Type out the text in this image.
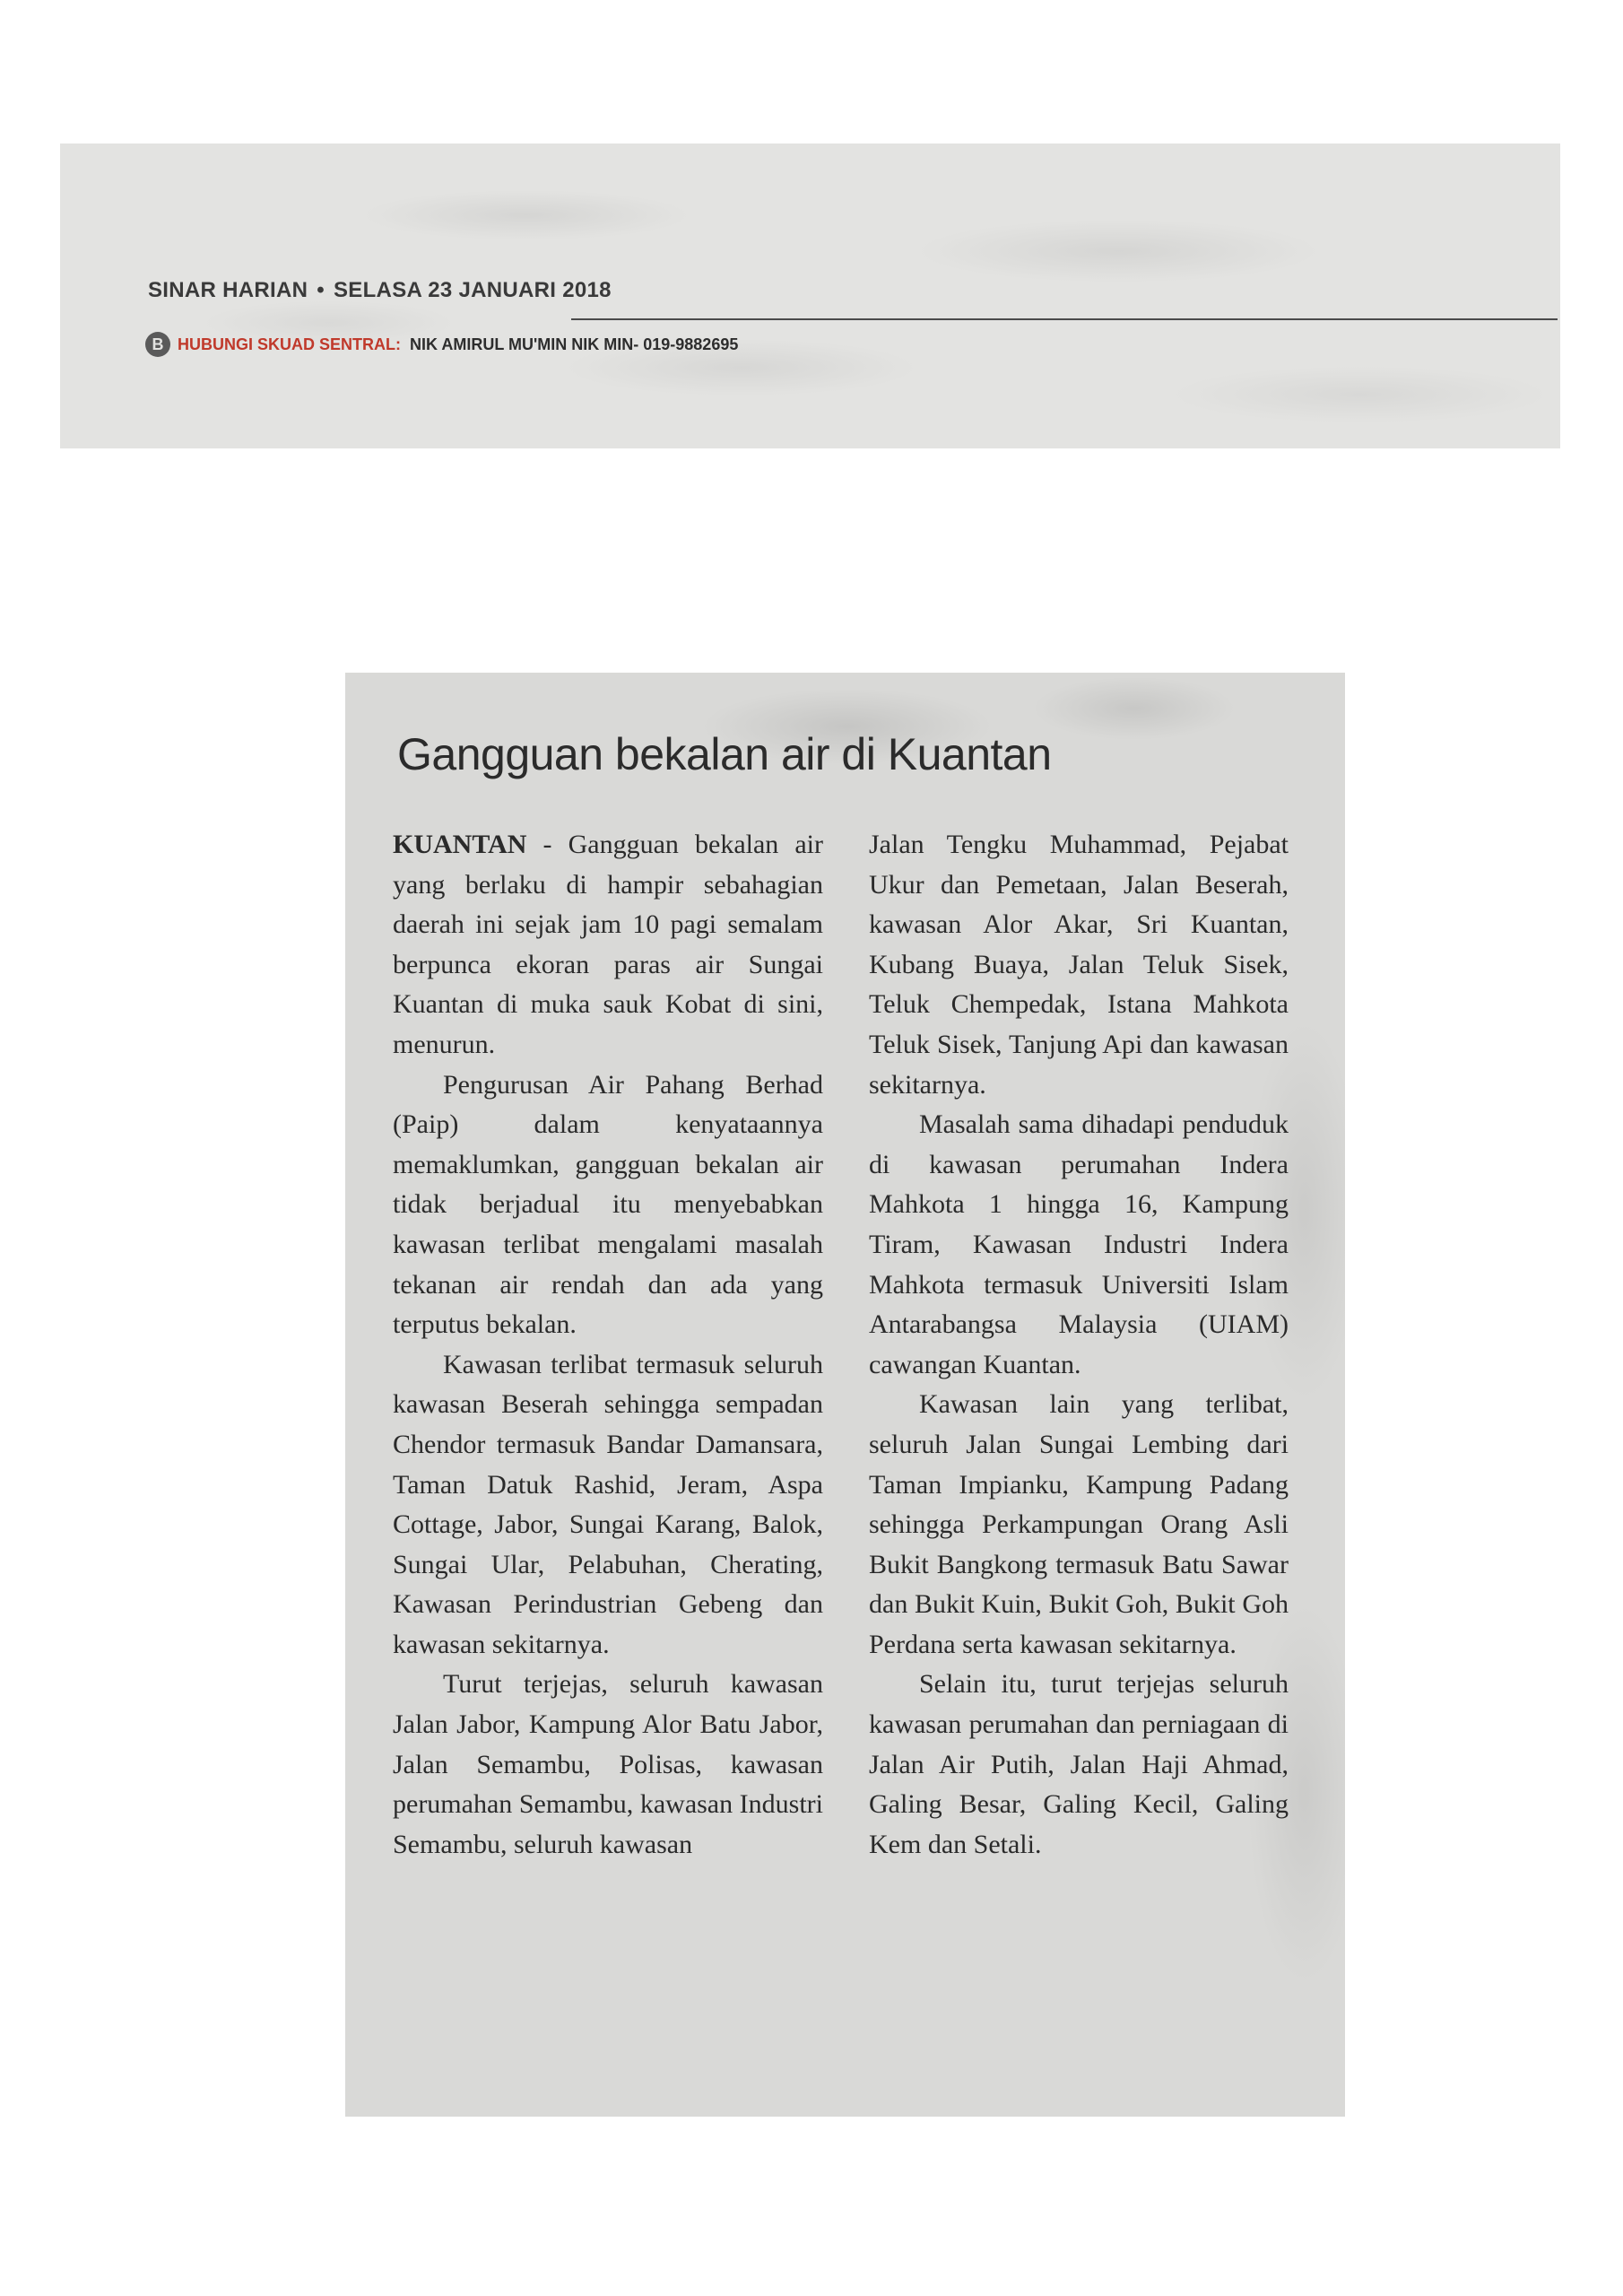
SINAR HARIAN • SELASA 23 JANUARI 2018
B HUBUNGI SKUAD SENTRAL: NIK AMIRUL MU'MIN NIK MIN- 019-9882695
Gangguan bekalan air di Kuantan

KUANTAN - Gangguan bekalan air yang berlaku di hampir sebahagian daerah ini sejak jam 10 pagi semalam berpunca ekoran paras air Sungai Kuantan di muka sauk Kobat di sini, menurun.

Pengurusan Air Pahang Berhad (Paip) dalam kenyataannya memaklumkan, gangguan bekalan air tidak berjadual itu menyebabkan kawasan terlibat mengalami masalah tekanan air rendah dan ada yang terputus bekalan.

Kawasan terlibat termasuk seluruh kawasan Beserah sehingga sempadan Chendor termasuk Bandar Damansara, Taman Datuk Rashid, Jeram, Aspa Cottage, Jabor, Sungai Karang, Balok, Sungai Ular, Pelabuhan, Cherating, Kawasan Perindustrian Gebeng dan kawasan sekitarnya.

Turut terjejas, seluruh kawasan Jalan Jabor, Kampung Alor Batu Jabor, Jalan Semambu, Polisas, kawasan perumahan Semambu, kawasan Industri Semambu, seluruh kawasan

Jalan Tengku Muhammad, Pejabat Ukur dan Pemetaan, Jalan Beserah, kawasan Alor Akar, Sri Kuantan, Kubang Buaya, Jalan Teluk Sisek, Teluk Chempedak, Istana Mahkota Teluk Sisek, Tanjung Api dan kawasan sekitarnya.

Masalah sama dihadapi penduduk di kawasan perumahan Indera Mahkota 1 hingga 16, Kampung Tiram, Kawasan Industri Indera Mahkota termasuk Universiti Islam Antarabangsa Malaysia (UIAM) cawangan Kuantan.

Kawasan lain yang terlibat, seluruh Jalan Sungai Lembing dari Taman Impianku, Kampung Padang sehingga Perkampungan Orang Asli Bukit Bangkong termasuk Batu Sawar dan Bukit Kuin, Bukit Goh, Bukit Goh Perdana serta kawasan sekitarnya.

Selain itu, turut terjejas seluruh kawasan perumahan dan perniagaan di Jalan Air Putih, Jalan Haji Ahmad, Galing Besar, Galing Kecil, Galing Kem dan Setali.
